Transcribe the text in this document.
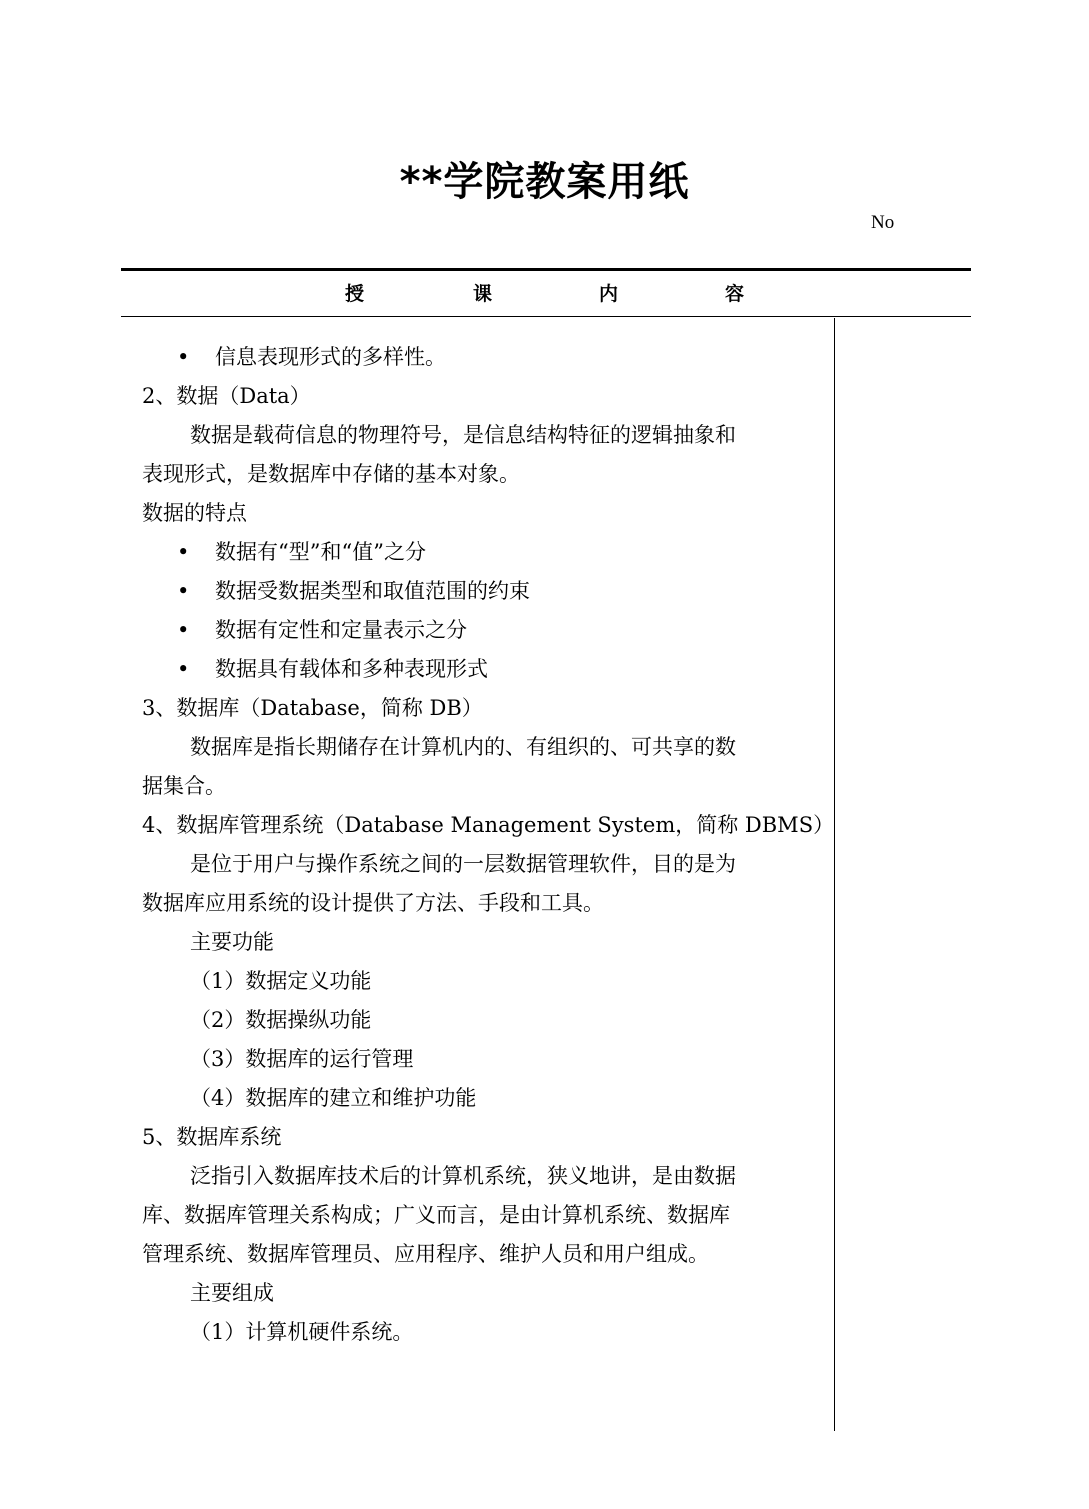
**学院教案用纸
No
授	课	内	容

• 信息表现形式的多样性。

2、数据（Data）

数据是载荷信息的物理符号，是信息结构特征的逻辑抽象和

表现形式，是数据库中存储的基本对象。

数据的特点

• 数据有“型”和“值”之分

• 数据受数据类型和取值范围的约束

• 数据有定性和定量表示之分

• 数据具有载体和多种表现形式

3、数据库（Database，简称 DB）

数据库是指长期储存在计算机内的、有组织的、可共享的数

据集合。

4、数据库管理系统（Database Management System，简称 DBMS）

是位于用户与操作系统之间的一层数据管理软件，目的是为

数据库应用系统的设计提供了方法、手段和工具。

主要功能

（1）数据定义功能

（2）数据操纵功能

（3）数据库的运行管理

（4）数据库的建立和维护功能

5、数据库系统

泛指引入数据库技术后的计算机系统，狭义地讲，是由数据

库、数据库管理关系构成；广义而言，是由计算机系统、数据库

管理系统、数据库管理员、应用程序、维护人员和用户组成。

主要组成

（1）计算机硬件系统。
